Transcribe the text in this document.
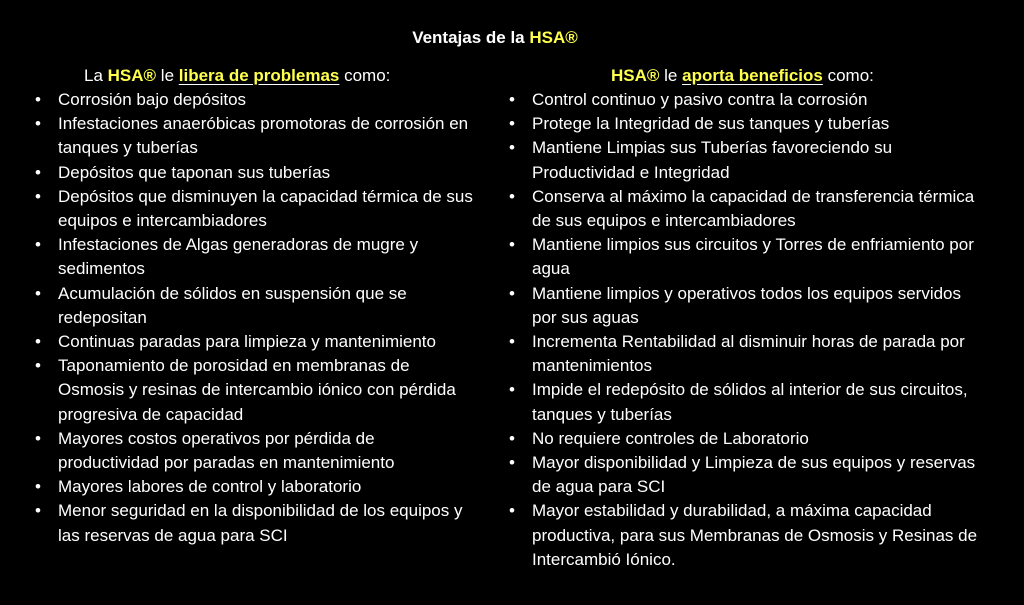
Ventajas de la HSA®
La HSA® le libera de problemas como:
• Corrosión bajo depósitos
• Infestaciones anaeróbicas promotoras de corrosión en tanques y tuberías
• Depósitos que taponan sus tuberías
• Depósitos que disminuyen la capacidad térmica de sus equipos e intercambiadores
• Infestaciones de Algas generadoras de mugre y sedimentos
• Acumulación de sólidos en suspensión que se redepositan
• Continuas paradas para limpieza y mantenimiento
• Taponamiento de porosidad en membranas de Osmosis y resinas de intercambio iónico con pérdida progresiva de capacidad
• Mayores costos operativos por pérdida de productividad por paradas en mantenimiento
• Mayores labores de control y laboratorio
• Menor seguridad en la disponibilidad de los equipos y las reservas de agua para SCI
HSA® le aporta beneficios como:
• Control continuo y pasivo contra la corrosión
• Protege la Integridad de sus tanques y tuberías
• Mantiene Limpias sus Tuberías favoreciendo su Productividad e Integridad
• Conserva al máximo la capacidad de transferencia térmica de sus equipos e intercambiadores
• Mantiene limpios sus circuitos y Torres de enfriamiento por agua
• Mantiene limpios y operativos todos los equipos servidos por sus aguas
• Incrementa Rentabilidad al disminuir horas de parada por mantenimientos
• Impide el redepósito de sólidos al interior de sus circuitos, tanques y tuberías
• No requiere controles de Laboratorio
• Mayor disponibilidad y Limpieza de sus equipos y reservas de agua para SCI
• Mayor estabilidad y durabilidad, a máxima capacidad productiva, para sus Membranas de Osmosis y Resinas de Intercambió Iónico.
